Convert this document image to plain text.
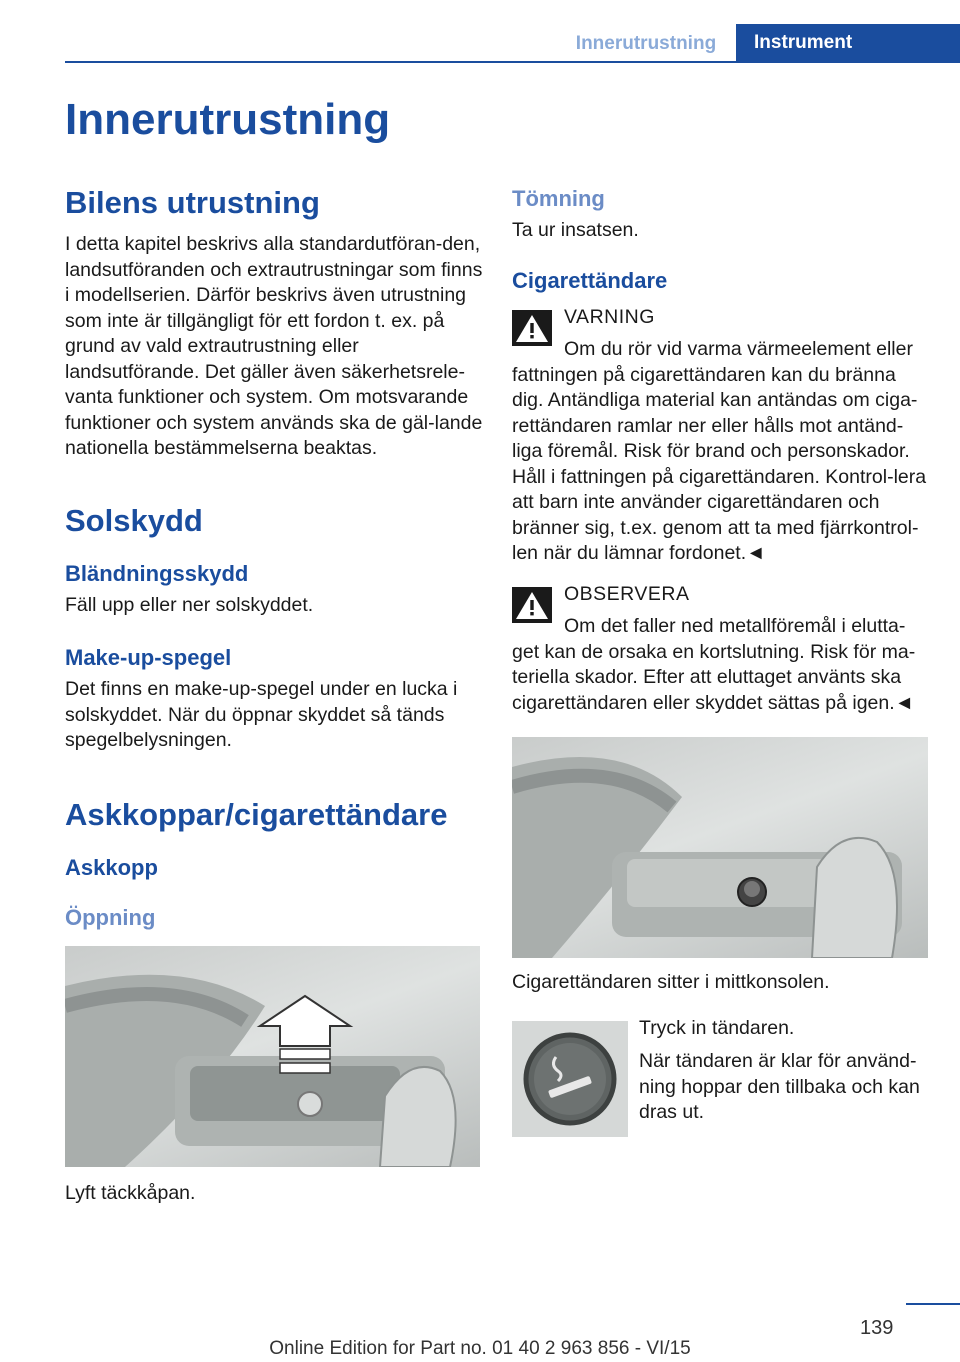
Innerutrustning	Instrument
Innerutrustning
Bilens utrustning

I detta kapitel beskrivs alla standardutföran-den, landsutföranden och extrautrustningar som finns i modellserien. Därför beskrivs även utrustning som inte är tillgängligt för ett fordon t. ex. på grund av vald extrautrustning eller landsutförande. Det gäller även säkerhetsrele-vanta funktioner och system. Om motsvarande funktioner och system används ska de gäl-lande nationella bestämmelserna beaktas.

Solskydd
Bländningsskydd

Fäll upp eller ner solskyddet.

Make-up-spegel

Det finns en make-up-spegel under en lucka i solskyddet. När du öppnar skyddet så tänds spegelbelysningen.

Askkoppar/cigarettändare
Askkopp
Öppning

Lyft täckkåpan.

Tömning

Ta ur insatsen.

Cigarettändare
VARNING

Om du rör vid varma värmeelement eller fattningen på cigarettändaren kan du bränna dig. Antändliga material kan antändas om ciga-rettändaren ramlar ner eller hålls mot antänd-liga föremål. Risk för brand och personskador. Håll i fattningen på cigarettändaren. Kontrol-lera att barn inte använder cigarettändaren och bränner sig, t.ex. genom att ta med fjärrkontrol-len när du lämnar fordonet.◄

OBSERVERA

Om det faller ned metallföremål i elutta-get kan de orsaka en kortslutning. Risk för ma-teriella skador. Efter att eluttaget använts ska cigarettändaren eller skyddet sättas på igen.◄

Cigarettändaren sitter i mittkonsolen.

Tryck in tändaren.

När tändaren är klar för använd-ning hoppar den tillbaka och kan dras ut.

139
Online Edition for Part no. 01 40 2 963 856 - VI/15
